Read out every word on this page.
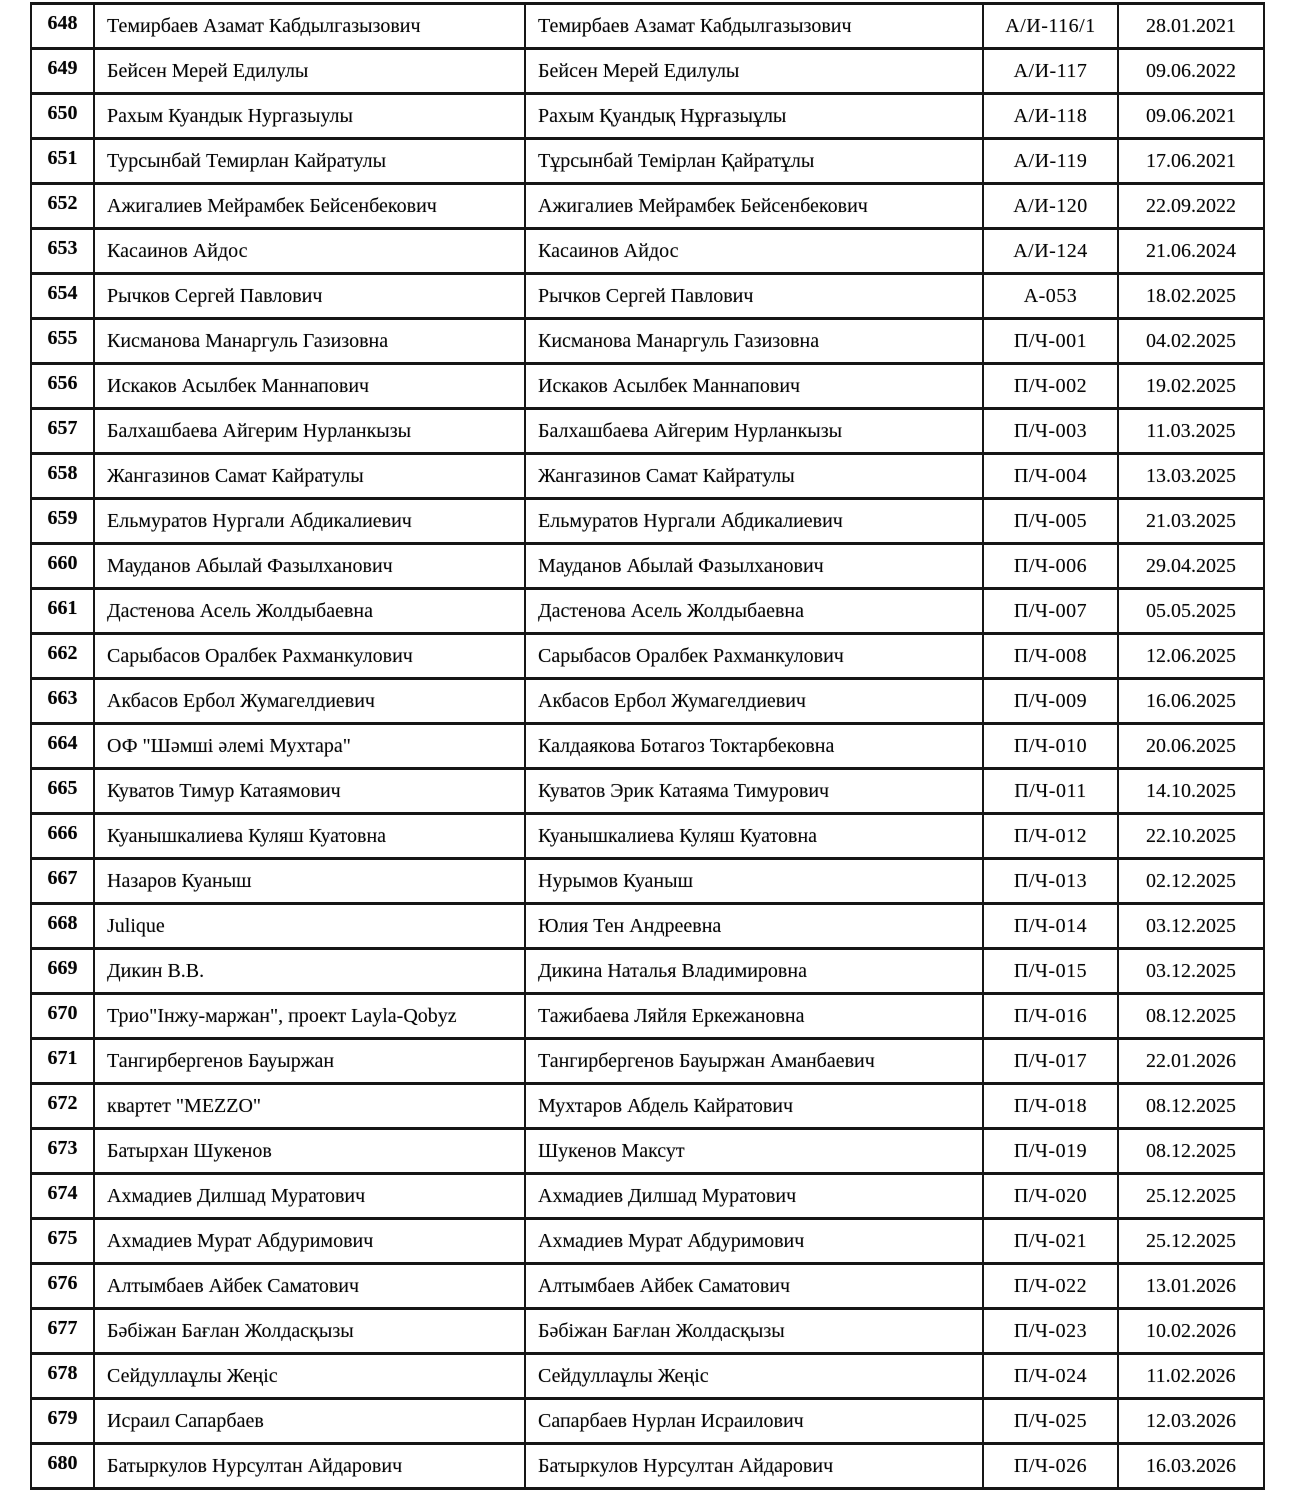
648	Темирбаев Азамат Кабдылгазызович	Темирбаев Азамат Кабдылгазызович	А/И-116/1	28.01.2021
649	Бейсен Мерей Едилулы	Бейсен Мерей Едилулы	А/И-117	09.06.2022
650	Рахым Куандык Нургазыулы	Рахым Қуандық Нұрғазыұлы	А/И-118	09.06.2021
651	Турсынбай Темирлан Кайратулы	Тұрсынбай Темірлан Қайратұлы	А/И-119	17.06.2021
652	Ажигалиев Мейрамбек Бейсенбекович	Ажигалиев Мейрамбек Бейсенбекович	А/И-120	22.09.2022
653	Касаинов Айдос	Касаинов Айдос	А/И-124	21.06.2024
654	Рычков Сергей Павлович	Рычков Сергей Павлович	А-053	18.02.2025
655	Кисманова Манаргуль Газизовна	Кисманова Манаргуль Газизовна	П/Ч-001	04.02.2025
656	Искаков Асылбек Маннапович	Искаков Асылбек Маннапович	П/Ч-002	19.02.2025
657	Балхашбаева Айгерим Нурланкызы	Балхашбаева Айгерим Нурланкызы	П/Ч-003	11.03.2025
658	Жангазинов Самат Кайратулы	Жангазинов Самат Кайратулы	П/Ч-004	13.03.2025
659	Ельмуратов Нургали Абдикалиевич	Ельмуратов Нургали Абдикалиевич	П/Ч-005	21.03.2025
660	Мауданов Абылай Фазылханович	Мауданов Абылай Фазылханович	П/Ч-006	29.04.2025
661	Дастенова Асель Жолдыбаевна	Дастенова Асель Жолдыбаевна	П/Ч-007	05.05.2025
662	Сарыбасов Оралбек Рахманкулович	Сарыбасов Оралбек Рахманкулович	П/Ч-008	12.06.2025
663	Акбасов Ербол Жумагелдиевич	Акбасов Ербол Жумагелдиевич	П/Ч-009	16.06.2025
664	ОФ "Шәмші әлемі Мухтара"	Калдаякова Ботагоз Токтарбековна	П/Ч-010	20.06.2025
665	Куватов Тимур Катаямович	Куватов Эрик Катаяма Тимурович	П/Ч-011	14.10.2025
666	Куанышкалиева Куляш Куатовна	Куанышкалиева Куляш Куатовна	П/Ч-012	22.10.2025
667	Назаров Куаныш	Нурымов Куаныш	П/Ч-013	02.12.2025
668	Julique	Юлия Тен Андреевна	П/Ч-014	03.12.2025
669	Дикин В.В.	Дикина Наталья Владимировна	П/Ч-015	03.12.2025
670	Трио"Інжу-маржан", проект Layla-Qobyz	Тажибаева Ляйля Еркежановна	П/Ч-016	08.12.2025
671	Тангирбергенов Бауыржан	Тангирбергенов Бауыржан Аманбаевич	П/Ч-017	22.01.2026
672	квартет "MEZZO"	Мухтаров Абдель Кайратович	П/Ч-018	08.12.2025
673	Батырхан Шукенов	Шукенов Максут	П/Ч-019	08.12.2025
674	Ахмадиев Дилшад Муратович	Ахмадиев Дилшад Муратович	П/Ч-020	25.12.2025
675	Ахмадиев Мурат Абдуримович	Ахмадиев Мурат Абдуримович	П/Ч-021	25.12.2025
676	Алтымбаев Айбек Саматович	Алтымбаев Айбек Саматович	П/Ч-022	13.01.2026
677	Бәбіжан Бағлан Жолдасқызы	Бәбіжан Бағлан Жолдасқызы	П/Ч-023	10.02.2026
678	Сейдуллаұлы Жеңіс	Сейдуллаұлы Жеңіс	П/Ч-024	11.02.2026
679	Исраил Сапарбаев	Сапарбаев Нурлан Исраилович	П/Ч-025	12.03.2026
680	Батыркулов Нурсултан Айдарович	Батыркулов Нурсултан Айдарович	П/Ч-026	16.03.2026
